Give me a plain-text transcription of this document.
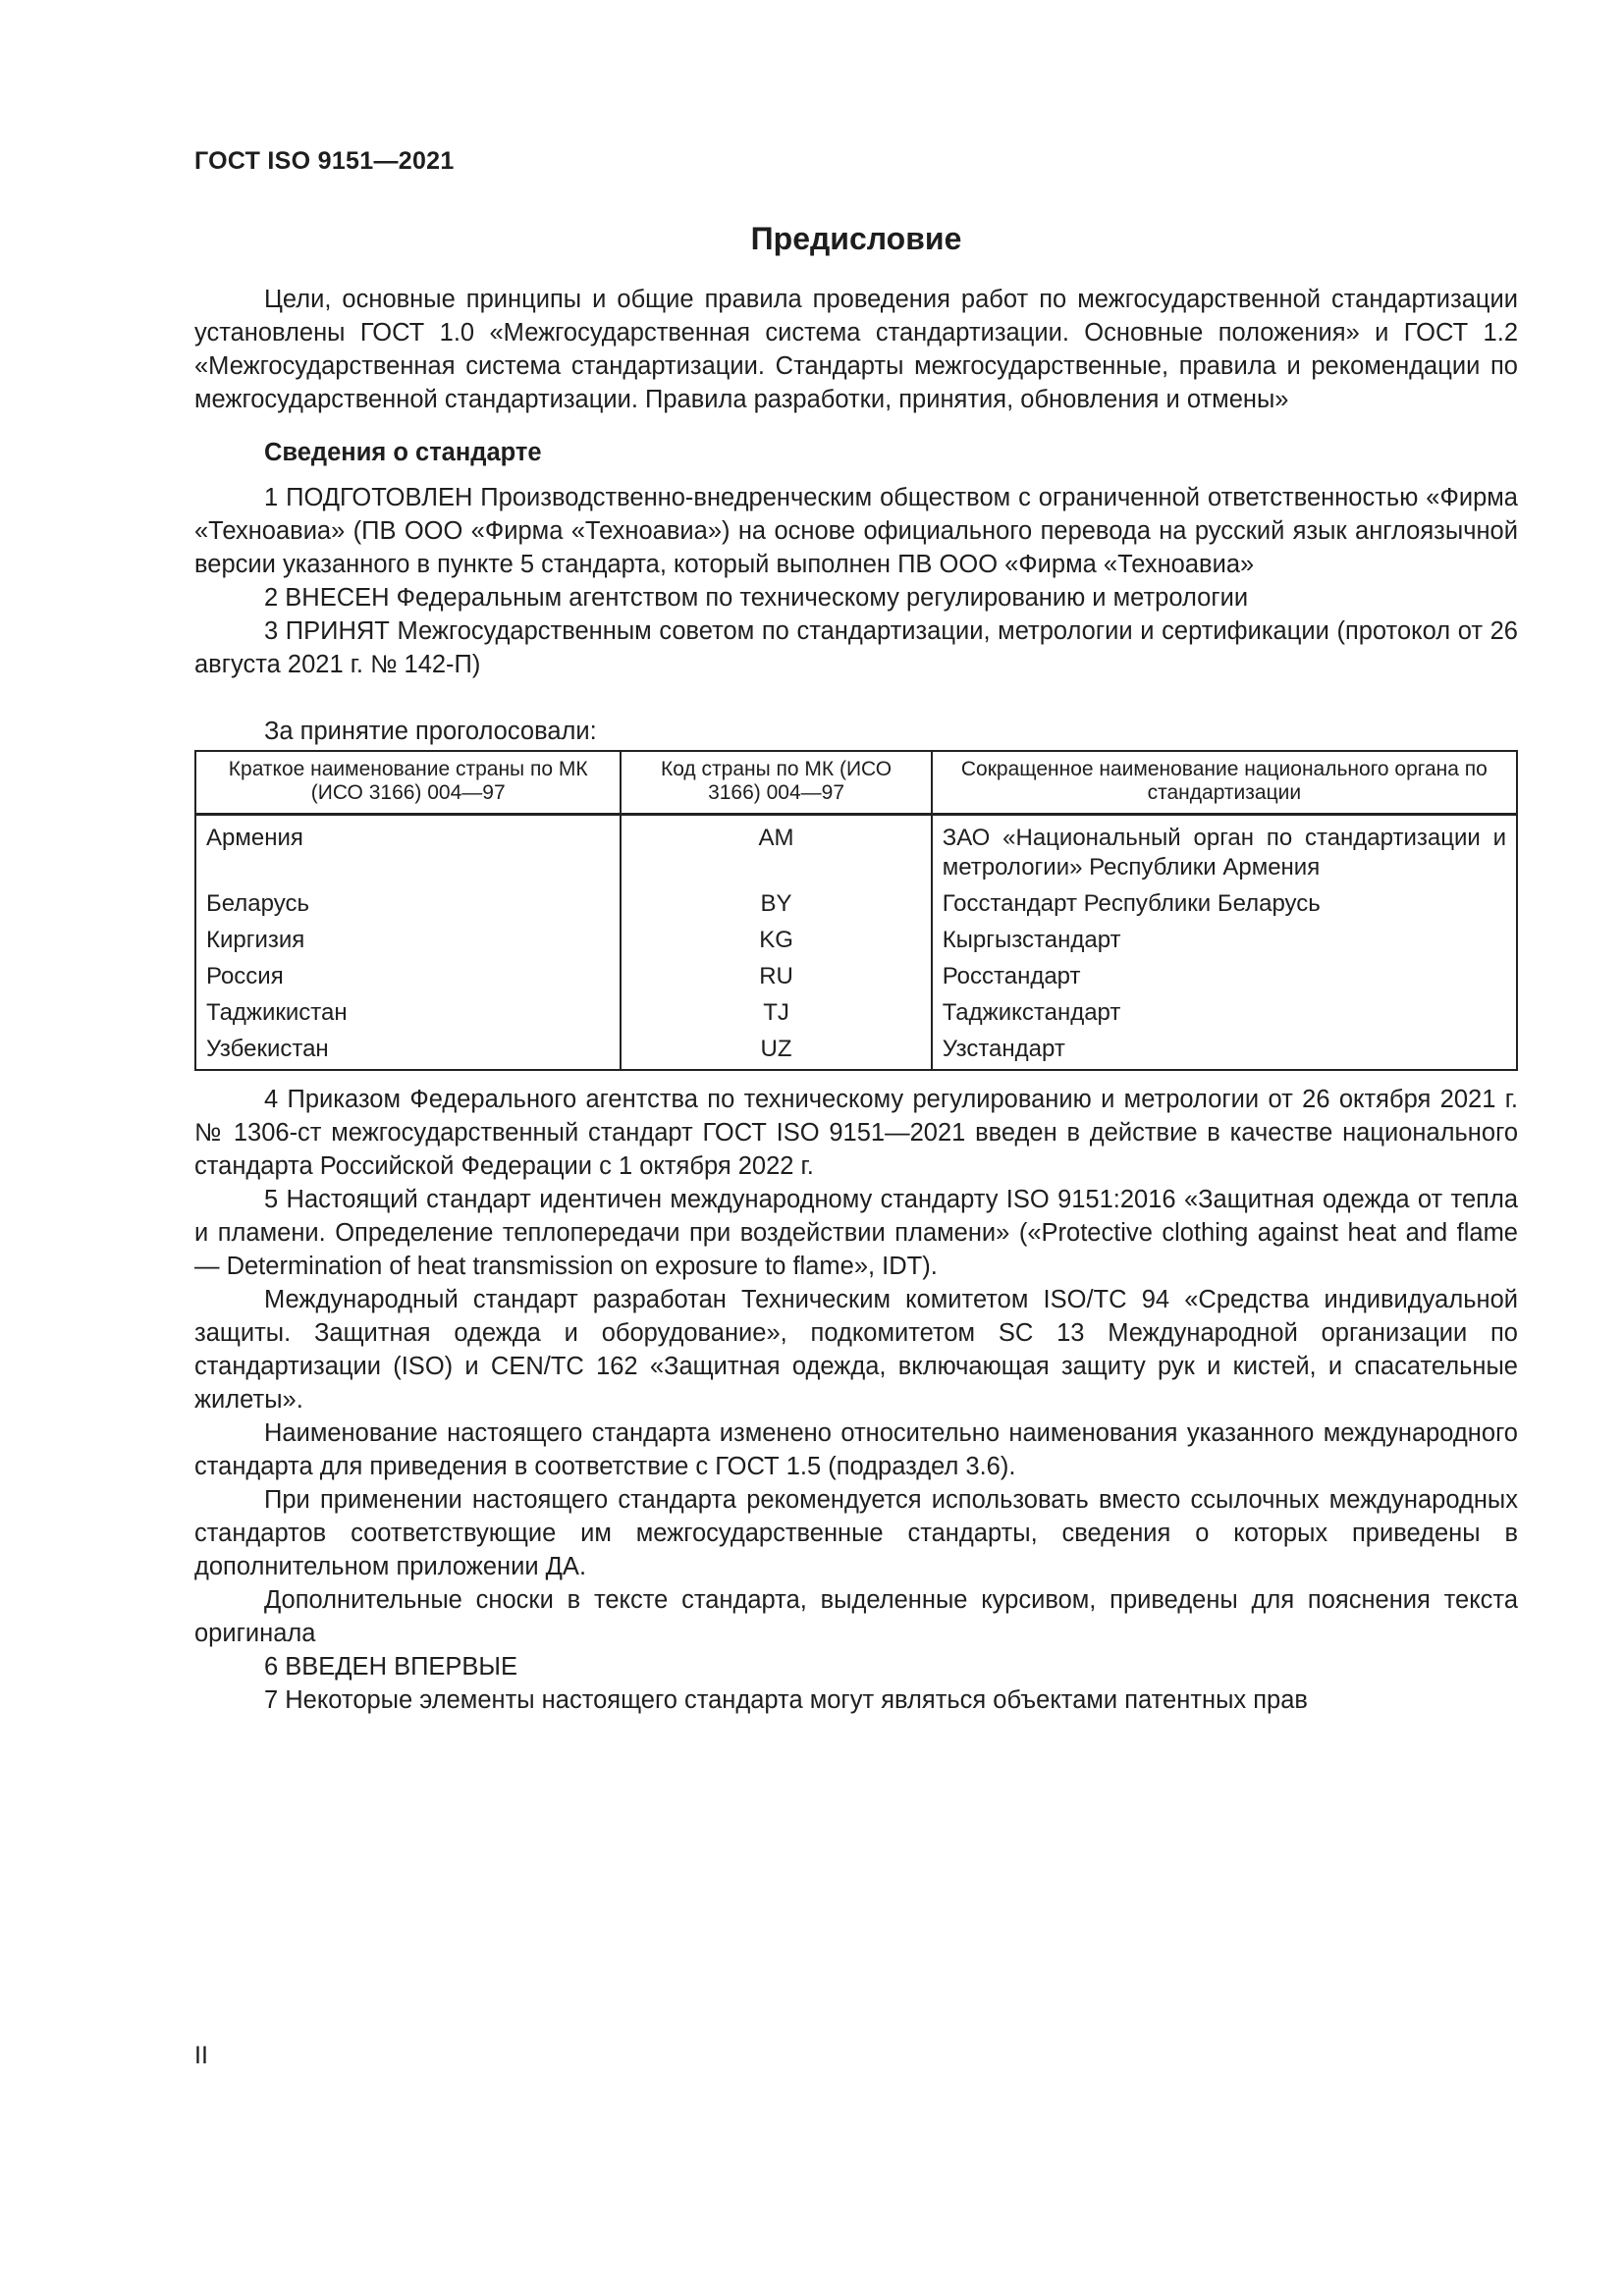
ГОСТ ISO 9151—2021
Предисловие

Цели, основные принципы и общие правила проведения работ по межгосударственной стандартизации установлены ГОСТ 1.0 «Межгосударственная система стандартизации. Основные положения» и ГОСТ 1.2 «Межгосударственная система стандартизации. Стандарты межгосударственные, правила и рекомендации по межгосударственной стандартизации. Правила разработки, принятия, обновления и отмены»

Сведения о стандарте

1 ПОДГОТОВЛЕН Производственно-внедренческим обществом с ограниченной ответственностью «Фирма «Техноавиа» (ПВ ООО «Фирма «Техноавиа») на основе официального перевода на русский язык англоязычной версии указанного в пункте 5 стандарта, который выполнен ПВ ООО «Фирма «Техноавиа»

2 ВНЕСЕН Федеральным агентством по техническому регулированию и метрологии

3 ПРИНЯТ Межгосударственным советом по стандартизации, метрологии и сертификации (протокол от 26 августа 2021 г. № 142-П)

За принятие проголосовали:
Краткое наименование страны по МК (ИСО 3166) 004—97	Код страны по МК (ИСО 3166) 004—97	Сокращенное наименование национального органа по стандартизации
Армения	AM	ЗАО «Национальный орган по стандартизации и метрологии» Республики Армения
Беларусь	BY	Госстандарт Республики Беларусь
Киргизия	KG	Кыргызстандарт
Россия	RU	Росстандарт
Таджикистан	TJ	Таджикстандарт
Узбекистан	UZ	Узстандарт

4 Приказом Федерального агентства по техническому регулированию и метрологии от 26 октября 2021 г. № 1306-ст межгосударственный стандарт ГОСТ ISO 9151—2021 введен в действие в качестве национального стандарта Российской Федерации с 1 октября 2022 г.

5 Настоящий стандарт идентичен международному стандарту ISO 9151:2016 «Защитная одежда от тепла и пламени. Определение теплопередачи при воздействии пламени» («Protective clothing against heat and flame — Determination of heat transmission on exposure to flame», IDT).

Международный стандарт разработан Техническим комитетом ISO/TC 94 «Средства индивидуальной защиты. Защитная одежда и оборудование», подкомитетом SC 13 Международной организации по стандартизации (ISO) и CEN/TC 162 «Защитная одежда, включающая защиту рук и кистей, и спасательные жилеты».

Наименование настоящего стандарта изменено относительно наименования указанного международного стандарта для приведения в соответствие с ГОСТ 1.5 (подраздел 3.6).

При применении настоящего стандарта рекомендуется использовать вместо ссылочных международных стандартов соответствующие им межгосударственные стандарты, сведения о которых приведены в дополнительном приложении ДА.

Дополнительные сноски в тексте стандарта, выделенные курсивом, приведены для пояснения текста оригинала

6 ВВЕДЕН ВПЕРВЫЕ

7 Некоторые элементы настоящего стандарта могут являться объектами патентных прав

II
